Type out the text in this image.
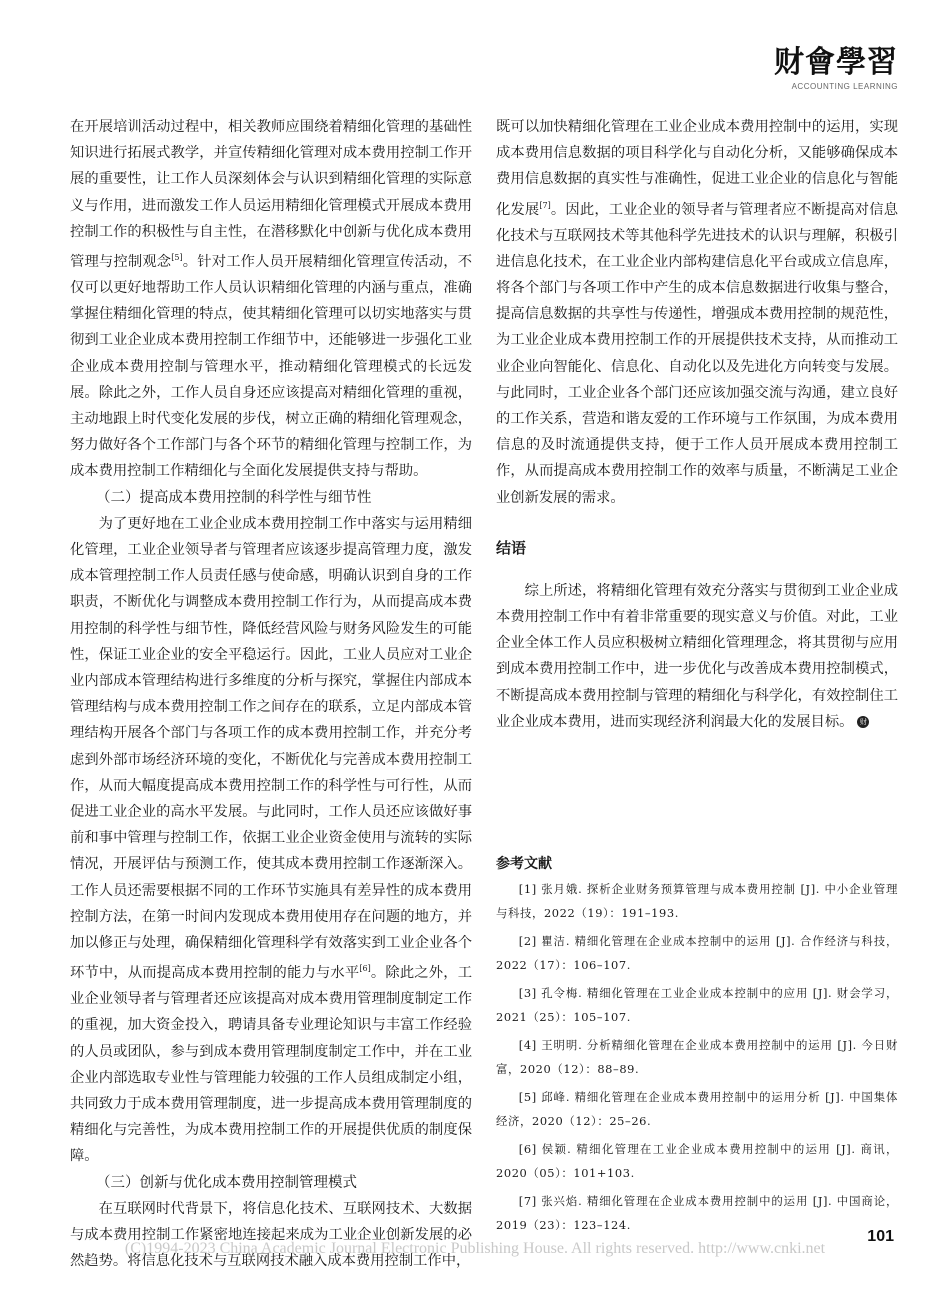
财會學習
ACCOUNTING LEARNING

在开展培训活动过程中，相关教师应围绕着精细化管理的基础性知识进行拓展式教学，并宣传精细化管理对成本费用控制工作开展的重要性，让工作人员深刻体会与认识到精细化管理的实际意义与作用，进而激发工作人员运用精细化管理模式开展成本费用控制工作的积极性与自主性，在潜移默化中创新与优化成本费用管理与控制观念[5]。针对工作人员开展精细化管理宣传活动，不仅可以更好地帮助工作人员认识精细化管理的内涵与重点，准确掌握住精细化管理的特点，使其精细化管理可以切实地落实与贯彻到工业企业成本费用控制工作细节中，还能够进一步强化工业企业成本费用控制与管理水平，推动精细化管理模式的长远发展。除此之外，工作人员自身还应该提高对精细化管理的重视，主动地跟上时代变化发展的步伐，树立正确的精细化管理观念，努力做好各个工作部门与各个环节的精细化管理与控制工作，为成本费用控制工作精细化与全面化发展提供支持与帮助。

（二）提高成本费用控制的科学性与细节性

为了更好地在工业企业成本费用控制工作中落实与运用精细化管理，工业企业领导者与管理者应该逐步提高管理力度，激发成本管理控制工作人员责任感与使命感，明确认识到自身的工作职责，不断优化与调整成本费用控制工作行为，从而提高成本费用控制的科学性与细节性，降低经营风险与财务风险发生的可能性，保证工业企业的安全平稳运行。因此，工业人员应对工业企业内部成本管理结构进行多维度的分析与探究，掌握住内部成本管理结构与成本费用控制工作之间存在的联系，立足内部成本管理结构开展各个部门与各项工作的成本费用控制工作，并充分考虑到外部市场经济环境的变化，不断优化与完善成本费用控制工作，从而大幅度提高成本费用控制工作的科学性与可行性，从而促进工业企业的高水平发展。与此同时，工作人员还应该做好事前和事中管理与控制工作，依据工业企业资金使用与流转的实际情况，开展评估与预测工作，使其成本费用控制工作逐渐深入。工作人员还需要根据不同的工作环节实施具有差异性的成本费用控制方法，在第一时间内发现成本费用使用存在问题的地方，并加以修正与处理，确保精细化管理科学有效落实到工业企业各个环节中，从而提高成本费用控制的能力与水平[6]。除此之外，工业企业领导者与管理者还应该提高对成本费用管理制度制定工作的重视，加大资金投入，聘请具备专业理论知识与丰富工作经验的人员或团队，参与到成本费用管理制度制定工作中，并在工业企业内部选取专业性与管理能力较强的工作人员组成制定小组，共同致力于成本费用管理制度，进一步提高成本费用管理制度的精细化与完善性，为成本费用控制工作的开展提供优质的制度保障。

（三）创新与优化成本费用控制管理模式

在互联网时代背景下，将信息化技术、互联网技术、大数据与成本费用控制工作紧密地连接起来成为工业企业创新发展的必然趋势。将信息化技术与互联网技术融入成本费用控制工作中，

既可以加快精细化管理在工业企业成本费用控制中的运用，实现成本费用信息数据的项目科学化与自动化分析，又能够确保成本费用信息数据的真实性与准确性，促进工业企业的信息化与智能化发展[7]。因此，工业企业的领导者与管理者应不断提高对信息化技术与互联网技术等其他科学先进技术的认识与理解，积极引进信息化技术，在工业企业内部构建信息化平台或成立信息库，将各个部门与各项工作中产生的成本信息数据进行收集与整合，提高信息数据的共享性与传递性，增强成本费用控制的规范性，为工业企业成本费用控制工作的开展提供技术支持，从而推动工业企业向智能化、信息化、自动化以及先进化方向转变与发展。与此同时，工业企业各个部门还应该加强交流与沟通，建立良好的工作关系，营造和谐友爱的工作环境与工作氛围，为成本费用信息的及时流通提供支持，便于工作人员开展成本费用控制工作，从而提高成本费用控制工作的效率与质量，不断满足工业企业创新发展的需求。

结语

综上所述，将精细化管理有效充分落实与贯彻到工业企业成本费用控制工作中有着非常重要的现实意义与价值。对此，工业企业全体工作人员应积极树立精细化管理理念，将其贯彻与应用到成本费用控制工作中，进一步优化与改善成本费用控制模式，不断提高成本费用控制与管理的精细化与科学化，有效控制住工业企业成本费用，进而实现经济利润最大化的发展目标。 财

参考文献

[1] 张月娥. 探析企业财务预算管理与成本费用控制 [J]. 中小企业管理与科技，2022（19）：191–193.

[2] 瞿洁. 精细化管理在企业成本控制中的运用 [J]. 合作经济与科技，2022（17）：106–107.

[3] 孔令梅. 精细化管理在工业企业成本控制中的应用 [J]. 财会学习，2021（25）：105–107.

[4] 王明明. 分析精细化管理在企业成本费用控制中的运用 [J]. 今日财富，2020（12）：88–89.

[5] 邱峰. 精细化管理在企业成本费用控制中的运用分析 [J]. 中国集体经济，2020（12）：25–26.

[6] 侯颖. 精细化管理在工业企业成本费用控制中的运用 [J]. 商讯，2020（05）：101+103.

[7] 张兴焰. 精细化管理在企业成本费用控制中的运用 [J]. 中国商论，2019（23）：123–124.

101
(C)1994-2023 China Academic Journal Electronic Publishing House. All rights reserved. http://www.cnki.net
